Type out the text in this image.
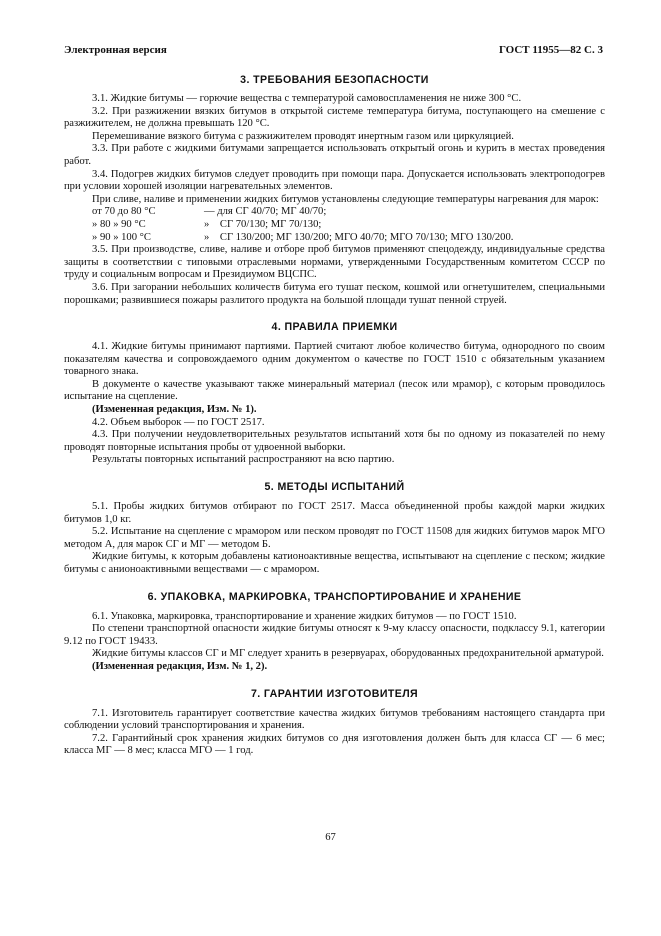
Электронная версия	ГОСТ 11955—82 С. 3
3. ТРЕБОВАНИЯ БЕЗОПАСНОСТИ

3.1. Жидкие битумы — горючие вещества с температурой самовоспламенения не ниже 300 °С.

3.2. При разжижении вязких битумов в открытой системе температура битума, поступающего на смешение с разжижителем, не должна превышать 120 °С.

Перемешивание вязкого битума с разжижителем проводят инертным газом или циркуляцией.

3.3. При работе с жидкими битумами запрещается использовать открытый огонь и курить в местах проведения работ.

3.4. Подогрев жидких битумов следует проводить при помощи пара. Допускается использовать электроподогрев при условии хорошей изоляции нагревательных элементов.

При сливе, наливе и применении жидких битумов установлены следующие температуры нагревания для марок:

от 70 до 80 °С	— для СГ 40/70; МГ 40/70;
» 80 » 90 °С	» СГ 70/130; МГ 70/130;
» 90 » 100 °С	» СГ 130/200; МГ 130/200; МГО 40/70; МГО 70/130; МГО 130/200.

3.5. При производстве, сливе, наливе и отборе проб битумов применяют спецодежду, индивидуальные средства защиты в соответствии с типовыми отраслевыми нормами, утвержденными Государственным комитетом СССР по труду и социальным вопросам и Президиумом ВЦСПС.

3.6. При загорании небольших количеств битума его тушат песком, кошмой или огнетушителем, специальными порошками; развившиеся пожары разлитого продукта на большой площади тушат пенной струей.

4. ПРАВИЛА ПРИЕМКИ

4.1. Жидкие битумы принимают партиями. Партией считают любое количество битума, однородного по своим показателям качества и сопровождаемого одним документом о качестве по ГОСТ 1510 с обязательным указанием товарного знака.

В документе о качестве указывают также минеральный материал (песок или мрамор), с которым проводилось испытание на сцепление.

(Измененная редакция, Изм. № 1).

4.2. Объем выборок — по ГОСТ 2517.

4.3. При получении неудовлетворительных результатов испытаний хотя бы по одному из показателей по нему проводят повторные испытания пробы от удвоенной выборки.

Результаты повторных испытаний распространяют на всю партию.

5. МЕТОДЫ ИСПЫТАНИЙ

5.1. Пробы жидких битумов отбирают по ГОСТ 2517. Масса объединенной пробы каждой марки жидких битумов 1,0 кг.

5.2. Испытание на сцепление с мрамором или песком проводят по ГОСТ 11508 для жидких битумов марок МГО методом А, для марок СГ и МГ — методом Б.

Жидкие битумы, к которым добавлены катионоактивные вещества, испытывают на сцепление с песком; жидкие битумы с анионоактивными веществами — с мрамором.

6. УПАКОВКА, МАРКИРОВКА, ТРАНСПОРТИРОВАНИЕ И ХРАНЕНИЕ

6.1. Упаковка, маркировка, транспортирование и хранение жидких битумов — по ГОСТ 1510.

По степени транспортной опасности жидкие битумы относят к 9-му классу опасности, подклассу 9.1, категории 9.12 по ГОСТ 19433.

Жидкие битумы классов СГ и МГ следует хранить в резервуарах, оборудованных предохранительной арматурой.

(Измененная редакция, Изм. № 1, 2).

7. ГАРАНТИИ ИЗГОТОВИТЕЛЯ

7.1. Изготовитель гарантирует соответствие качества жидких битумов требованиям настоящего стандарта при соблюдении условий транспортирования и хранения.

7.2. Гарантийный срок хранения жидких битумов со дня изготовления должен быть для класса СГ — 6 мес; класса МГ — 8 мес; класса МГО — 1 год.

67
